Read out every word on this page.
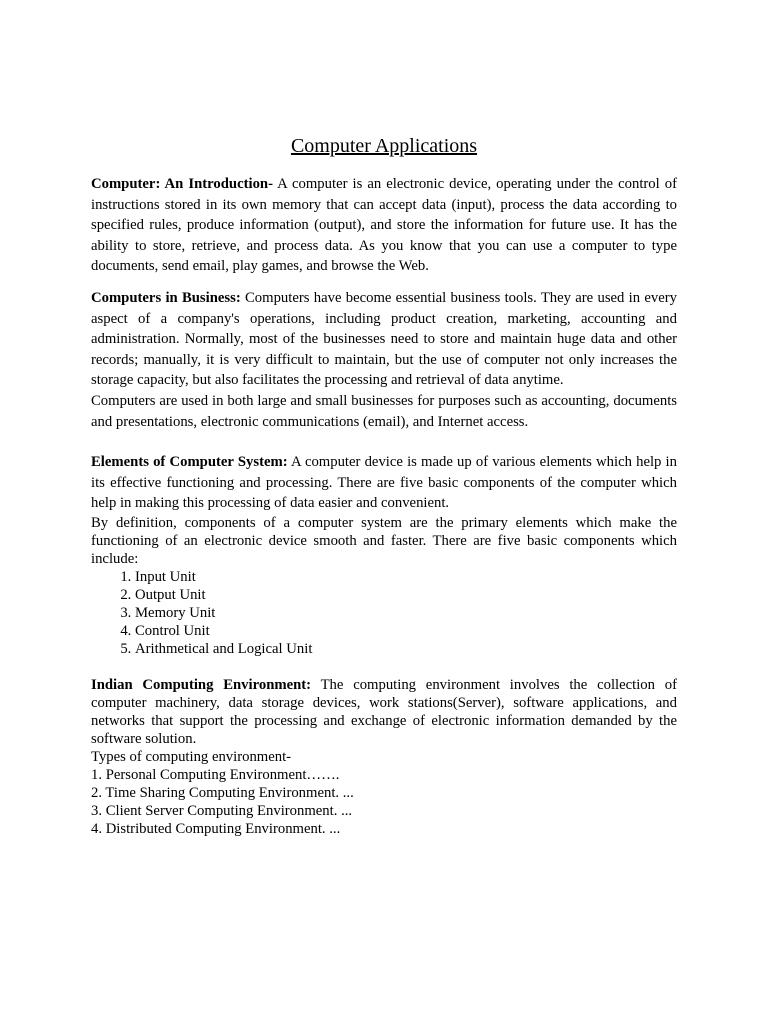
Computer Applications

Computer: An Introduction- A computer is an electronic device, operating under the control of instructions stored in its own memory that can accept data (input), process the data according to specified rules, produce information (output), and store the information for future use. It has the ability to store, retrieve, and process data. As you know that you can use a computer to type documents, send email, play games, and browse the Web.

Computers in Business: Computers have become essential business tools. They are used in every aspect of a company's operations, including product creation, marketing, accounting and administration. Normally, most of the businesses need to store and maintain huge data and other records; manually, it is very difficult to maintain, but the use of computer not only increases the storage capacity, but also facilitates the processing and retrieval of data anytime.

Computers are used in both large and small businesses for purposes such as accounting, documents and presentations, electronic communications (email), and Internet access.

Elements of Computer System: A computer device is made up of various elements which help in its effective functioning and processing. There are five basic components of the computer which help in making this processing of data easier and convenient.

By definition, components of a computer system are the primary elements which make the functioning of an electronic device smooth and faster. There are five basic components which include:

1. Input Unit
2. Output Unit
3. Memory Unit
4. Control Unit
5. Arithmetical and Logical Unit

Indian Computing Environment: The computing environment involves the collection of computer machinery, data storage devices, work stations(Server), software applications, and networks that support the processing and exchange of electronic information demanded by the software solution.

Types of computing environment-
1. Personal Computing Environment…….
2. Time Sharing Computing Environment. ...
3. Client Server Computing Environment. ...
4. Distributed Computing Environment. ...
